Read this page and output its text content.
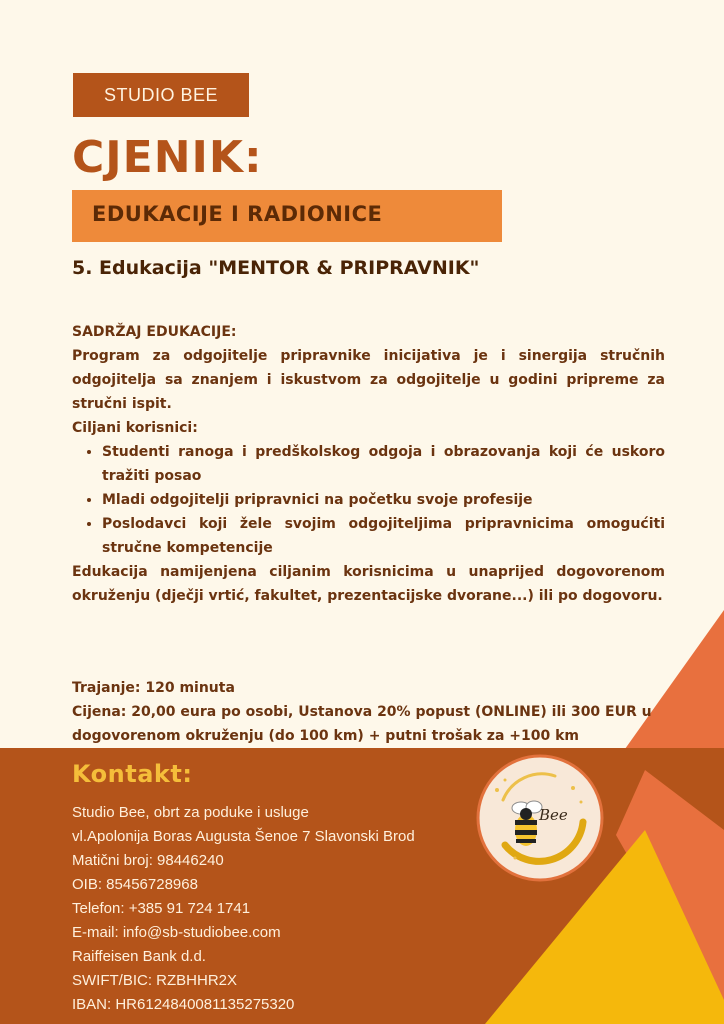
STUDIO BEE
CJENIK:
EDUKACIJE I RADIONICE
5. Edukacija "MENTOR & PRIPRAVNIK"

SADRŽAJ EDUKACIJE:

Program za odgojitelje pripravnike inicijativa je i sinergija stručnih odgojitelja sa znanjem i iskustvom za odgojitelje u godini pripreme za stručni ispit.

Ciljani korisnici:

• Studenti ranoga i predškolskog odgoja i obrazovanja koji će uskoro tražiti posao
• Mladi odgojitelji pripravnici na početku svoje profesije
• Poslodavci koji žele svojim odgojiteljima pripravnicima omogućiti stručne kompetencije

Edukacija namijenjena ciljanim korisnicima u unaprijed dogovorenom okruženju (dječji vrtić, fakultet, prezentacijske dvorane...) ili po dogovoru.

Trajanje: 120 minuta

Cijena: 20,00 eura po osobi, Ustanova 20% popust (ONLINE) ili 300 EUR u dogovorenom okruženju (do 100 km) + putni trošak za +100 km

Kontakt:
Studio Bee, obrt za poduke i usluge
vl.Apolonija Boras Augusta Šenoe 7 Slavonski Brod
Matični broj: 98446240
OIB: 85456728968
Telefon: +385 91 724 1741
E-mail: info@sb-studiobee.com
Raiffeisen Bank d.d.
SWIFT/BIC: RZBHHR2X
IBAN: HR6124840081135275320
Bee
